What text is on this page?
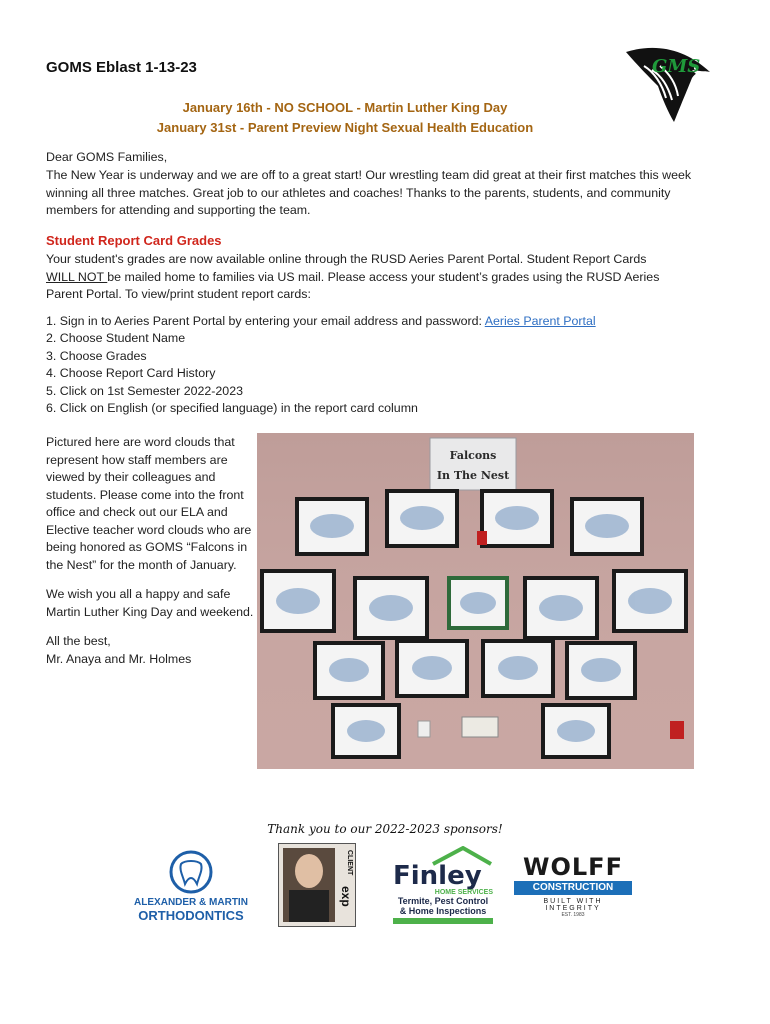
GOMS Eblast 1-13-23	GMS
January 16th - NO SCHOOL - Martin Luther King Day
January 31st - Parent Preview Night Sexual Health Education
Dear GOMS Families,
The New Year is underway and we are off to a great start! Our wrestling team did great at their first matches this week winning all three matches. Great job to our athletes and coaches! Thanks to the parents, students, and community members for attending and supporting the team.
Student Report Card Grades
Your student's grades are now available online through the RUSD Aeries Parent Portal. Student Report Cards WILL NOT be mailed home to families via US mail. Please access your student’s grades using the RUSD Aeries Parent Portal. To view/print student report cards:
1. Sign in to Aeries Parent Portal by entering your email address and password: Aeries Parent Portal
2. Choose Student Name
3. Choose Grades
4. Choose Report Card History
5. Click on 1st Semester 2022-2023
6. Click on English (or specified language) in the report card column

Pictured here are word clouds that represent how staff members are viewed by their colleagues and students. Please come into the front office and check out our ELA and Elective teacher word clouds who are being honored as GOMS “Falcons in the Nest” for the month of January.

We wish you all a happy and safe Martin Luther King Day and weekend.

All the best,
Mr. Anaya and Mr. Holmes
Falcons
In The Nest
Thank you to our 2022-2023 sponsors!
ALEXANDER & MARTIN
ORTHODONTICS
CLIENT
exp
Finley
HOME SERVICES
Termite, Pest Control
& Home Inspections
WOLFF
CONSTRUCTION
BUILT WITH INTEGRITY
EST. 1983
